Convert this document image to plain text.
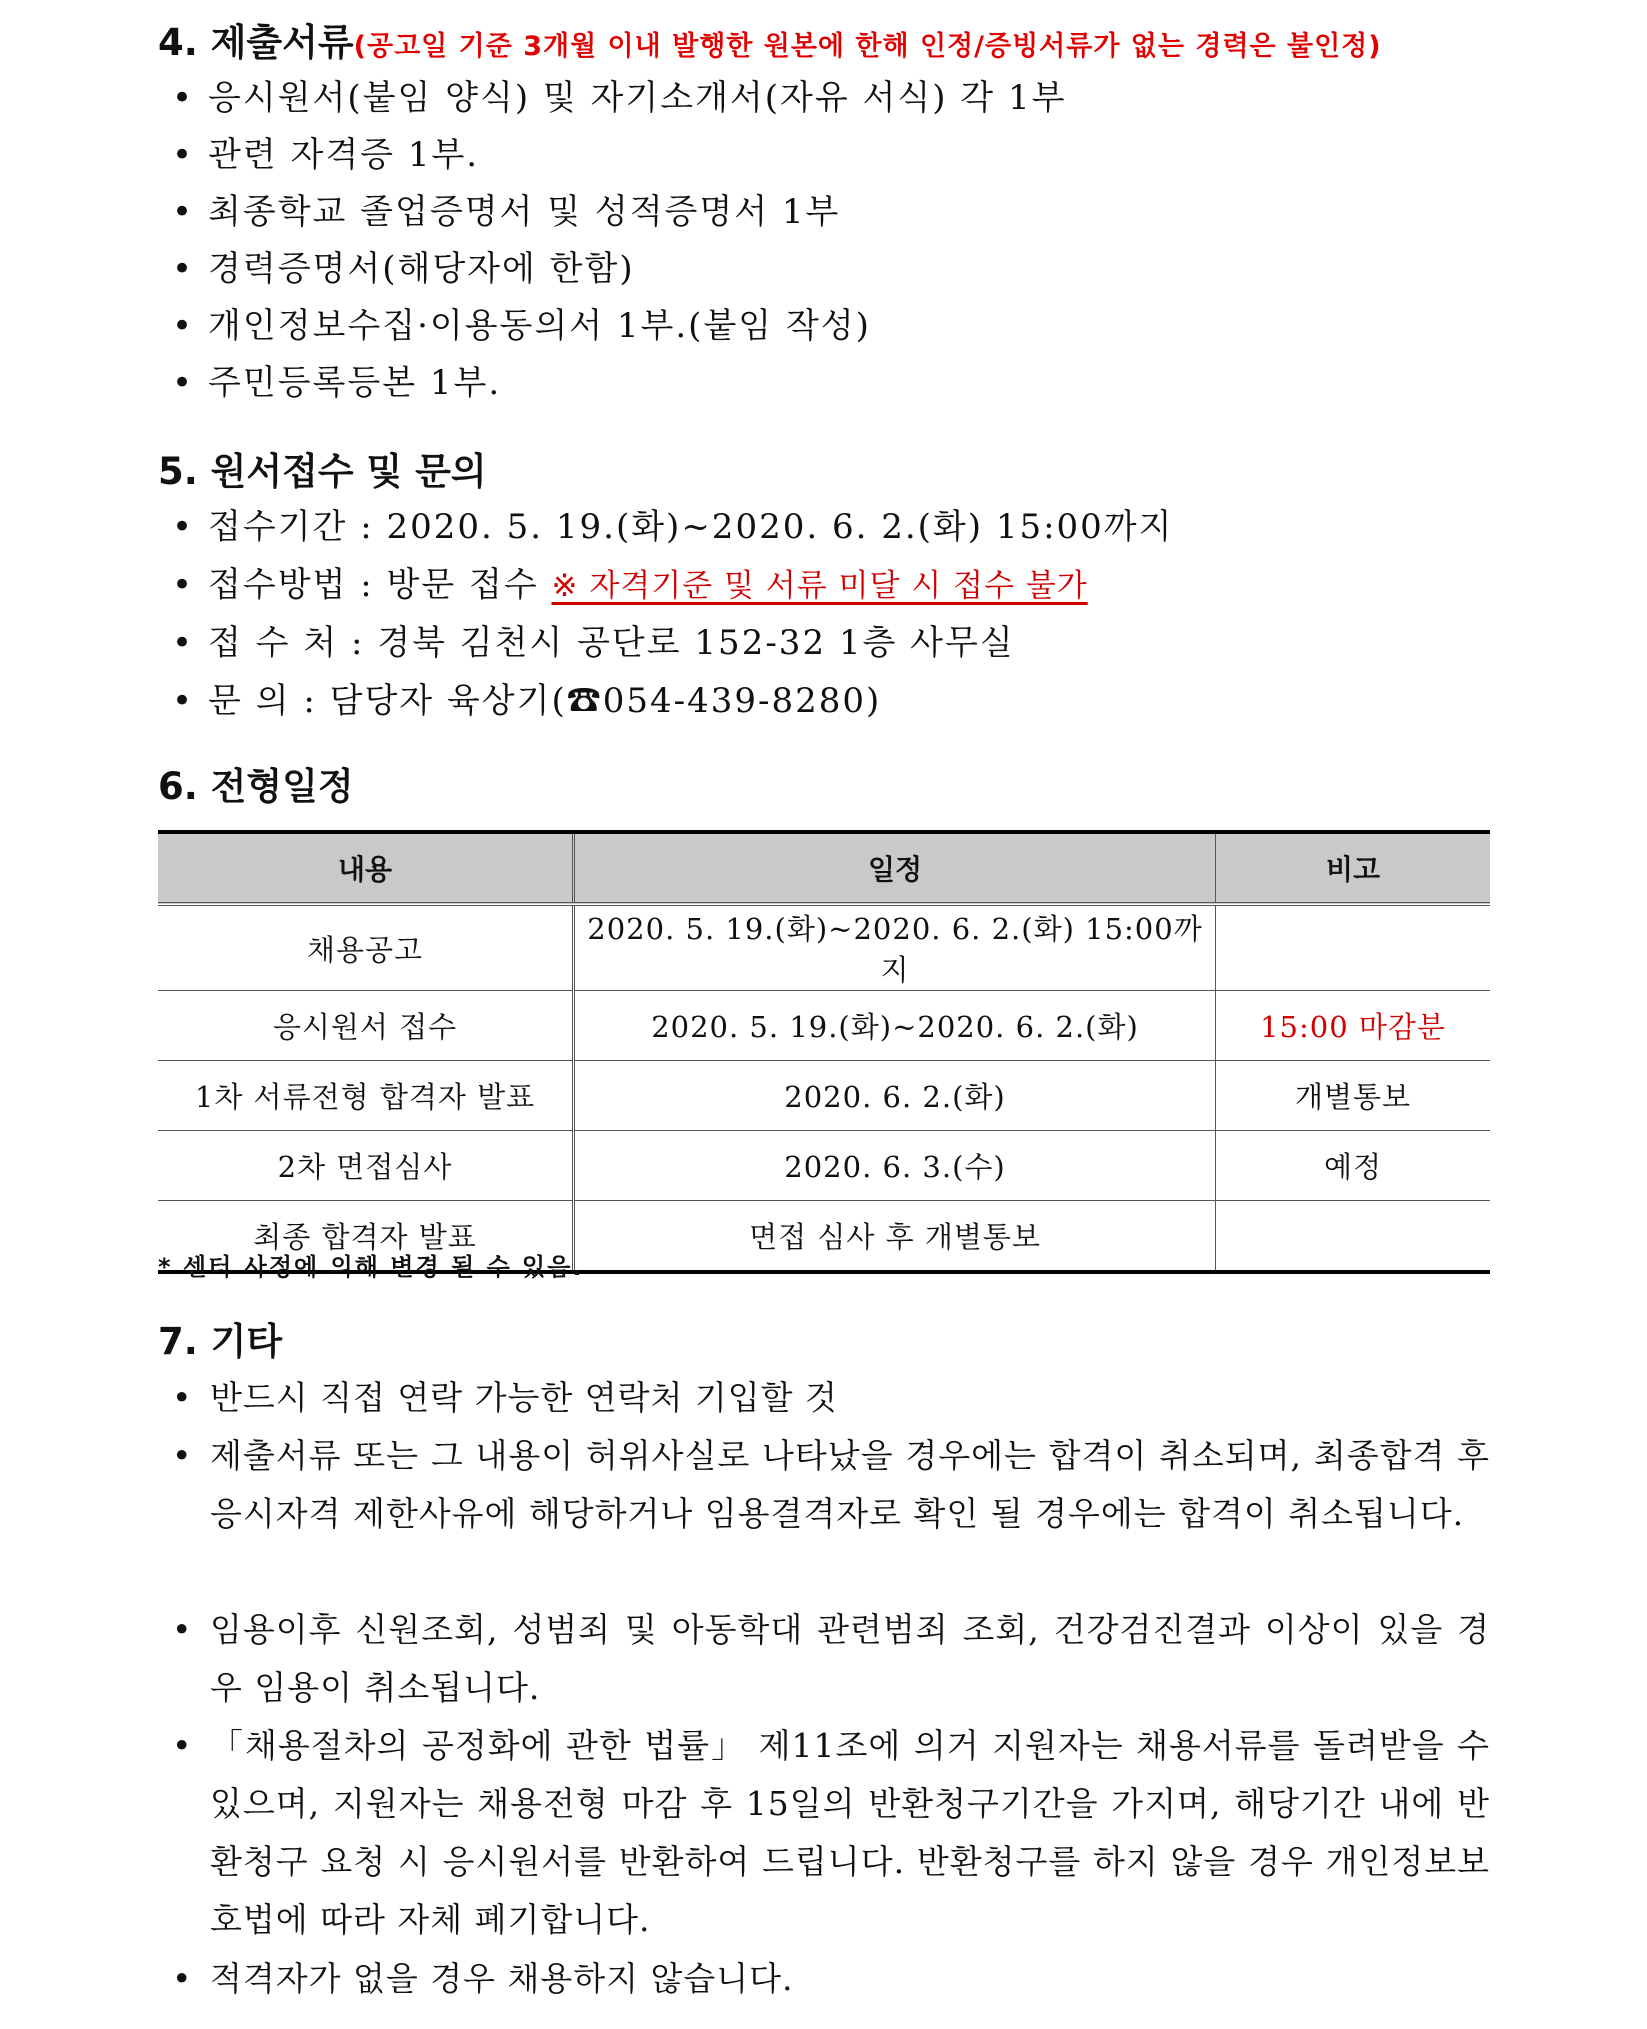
4. 제출서류(공고일 기준 3개월 이내 발행한 원본에 한해 인정/증빙서류가 없는 경력은 불인정)
• 응시원서(붙임 양식) 및 자기소개서(자유 서식) 각 1부
• 관련 자격증 1부.
• 최종학교 졸업증명서 및 성적증명서 1부
• 경력증명서(해당자에 한함)
• 개인정보수집·이용동의서 1부.(붙임 작성)
• 주민등록등본 1부.
5. 원서접수 및 문의
• 접수기간 : 2020. 5. 19.(화)~2020. 6. 2.(화) 15:00까지
• 접수방법 : 방문 접수 ※ 자격기준 및 서류 미달 시 접수 불가
• 접 수 처 : 경북 김천시 공단로 152-32 1층 사무실
• 문 의 : 담당자 육상기(☎054-439-8280)
6. 전형일정
내용	일정	비고
채용공고	2020. 5. 19.(화)~2020. 6. 2.(화) 15:00까지	
응시원서 접수	2020. 5. 19.(화)~2020. 6. 2.(화)	15:00 마감분
1차 서류전형 합격자 발표	2020. 6. 2.(화)	개별통보
2차 면접심사	2020. 6. 3.(수)	예정
최종 합격자 발표	면접 심사 후 개별통보	
* 센터 사정에 의해 변경 될 수 있음.
7. 기타
• 반드시 직접 연락 가능한 연락처 기입할 것
• 제출서류 또는 그 내용이 허위사실로 나타났을 경우에는 합격이 취소되며, 최종합격 후 응시자격 제한사유에 해당하거나 임용결격자로 확인 될 경우에는 합격이 취소됩니다.
• 임용이후 신원조회, 성범죄 및 아동학대 관련범죄 조회, 건강검진결과 이상이 있을 경우 임용이 취소됩니다.
• 「채용절차의 공정화에 관한 법률」 제11조에 의거 지원자는 채용서류를 돌려받을 수 있으며, 지원자는 채용전형 마감 후 15일의 반환청구기간을 가지며, 해당기간 내에 반환청구 요청 시 응시원서를 반환하여 드립니다. 반환청구를 하지 않을 경우 개인정보보호법에 따라 자체 폐기합니다.
• 적격자가 없을 경우 채용하지 않습니다.
